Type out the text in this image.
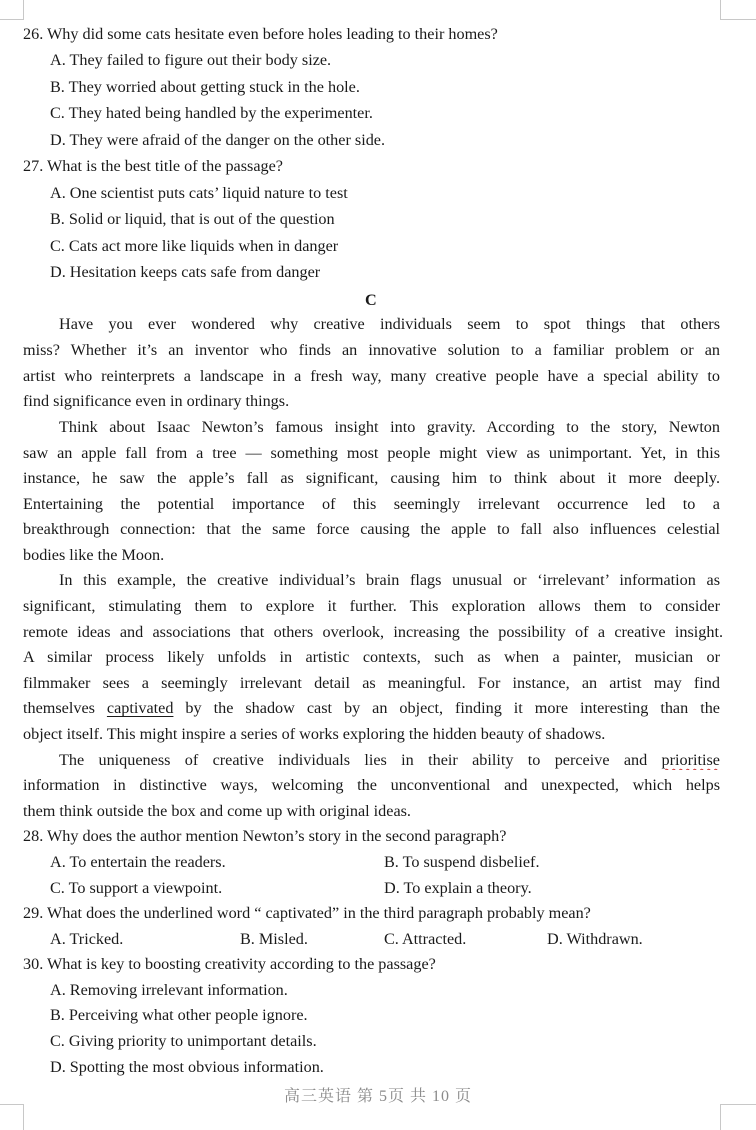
26. Why did some cats hesitate even before holes leading to their homes?
A. They failed to figure out their body size.
B. They worried about getting stuck in the hole.
C. They hated being handled by the experimenter.
D. They were afraid of the danger on the other side.
27. What is the best title of the passage?
A. One scientist puts cats’ liquid nature to test
B. Solid or liquid, that is out of the question
C. Cats act more like liquids when in danger
D. Hesitation keeps cats safe from danger
C
Have you ever wondered why creative individuals seem to spot things that others
miss? Whether it’s an inventor who finds an innovative solution to a familiar problem or an
artist who reinterprets a landscape in a fresh way, many creative people have a special ability to
find significance even in ordinary things.
Think about Isaac Newton’s famous insight into gravity. According to the story, Newton
saw an apple fall from a tree — something most people might view as unimportant. Yet, in this
instance, he saw the apple’s fall as significant, causing him to think about it more deeply.
Entertaining the potential importance of this seemingly irrelevant occurrence led to a
breakthrough connection: that the same force causing the apple to fall also influences celestial
bodies like the Moon.
In this example, the creative individual’s brain flags unusual or ‘irrelevant’ information as
significant, stimulating them to explore it further. This exploration allows them to consider
remote ideas and associations that others overlook, increasing the possibility of a creative insight.
A similar process likely unfolds in artistic contexts, such as when a painter, musician or
filmmaker sees a seemingly irrelevant detail as meaningful. For instance, an artist may find
themselves captivated by the shadow cast by an object, finding it more interesting than the
object itself. This might inspire a series of works exploring the hidden beauty of shadows.
The uniqueness of creative individuals lies in their ability to perceive and prioritise
information in distinctive ways, welcoming the unconventional and unexpected, which helps
them think outside the box and come up with original ideas.
28. Why does the author mention Newton’s story in the second paragraph?
A. To entertain the readers.	B. To suspend disbelief.
C. To support a viewpoint.	D. To explain a theory.
29. What does the underlined word “ captivated” in the third paragraph probably mean?
A. Tricked.	B. Misled.	C. Attracted.	D. Withdrawn.
30. What is key to boosting creativity according to the passage?
A. Removing irrelevant information.
B. Perceiving what other people ignore.
C. Giving priority to unimportant details.
D. Spotting the most obvious information.
高三英语 第 5页 共 10 页
